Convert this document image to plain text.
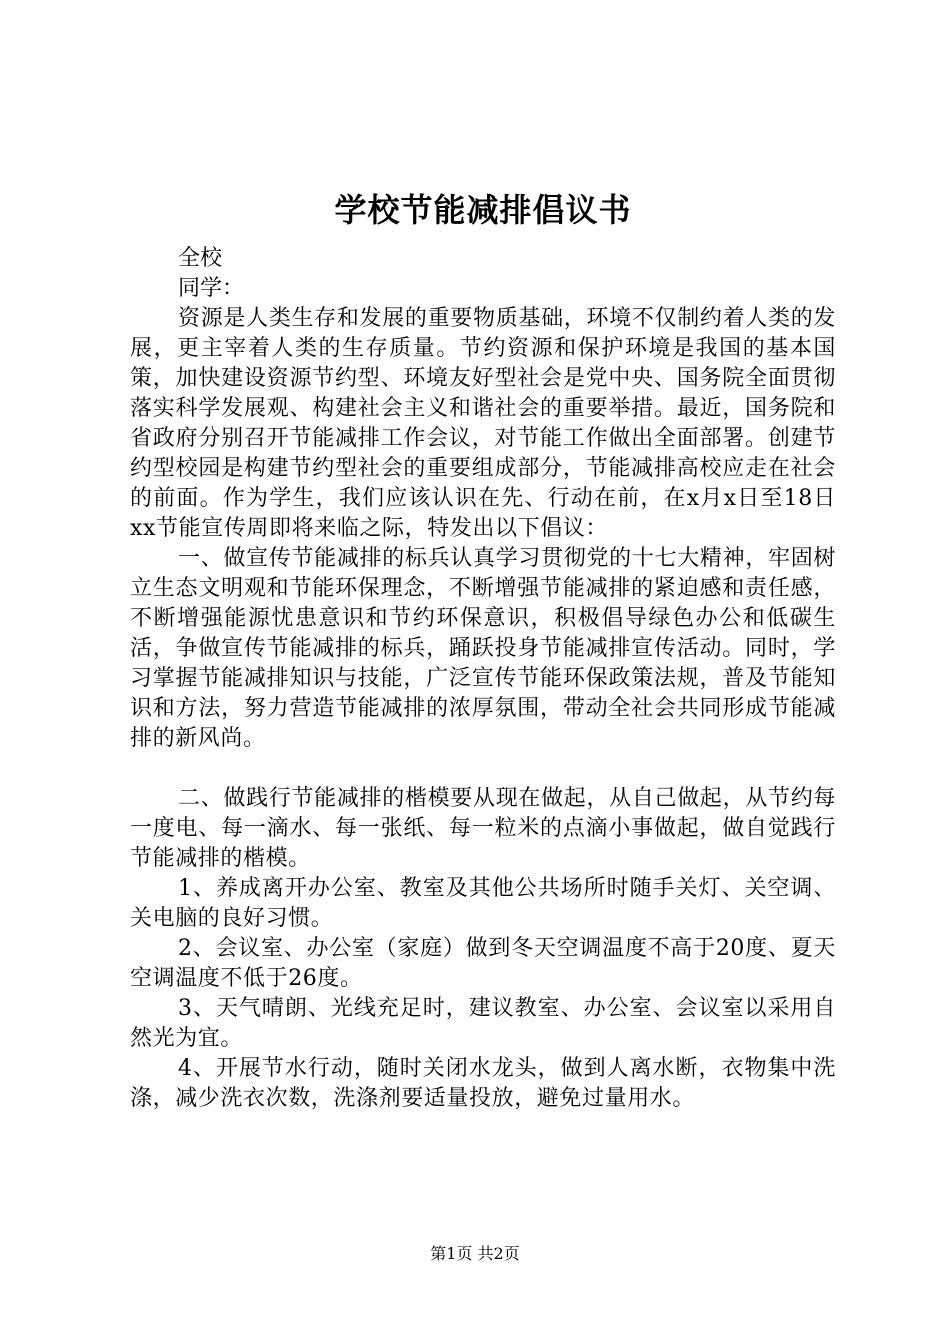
学校节能减排倡议书

全校

同学：

资源是人类生存和发展的重要物质基础，环境不仅制约着人类的发展，更主宰着人类的生存质量。节约资源和保护环境是我国的基本国策，加快建设资源节约型、环境友好型社会是党中央、国务院全面贯彻落实科学发展观、构建社会主义和谐社会的重要举措。最近，国务院和省政府分别召开节能减排工作会议，对节能工作做出全面部署。创建节约型校园是构建节约型社会的重要组成部分，节能减排高校应走在社会的前面。作为学生，我们应该认识在先、行动在前，在x月x日至18日xx节能宣传周即将来临之际，特发出以下倡议：

一、做宣传节能减排的标兵认真学习贯彻党的十七大精神，牢固树立生态文明观和节能环保理念，不断增强节能减排的紧迫感和责任感，不断增强能源忧患意识和节约环保意识，积极倡导绿色办公和低碳生活，争做宣传节能减排的标兵，踊跃投身节能减排宣传活动。同时，学习掌握节能减排知识与技能，广泛宣传节能环保政策法规，普及节能知识和方法，努力营造节能减排的浓厚氛围，带动全社会共同形成节能减排的新风尚。

二、做践行节能减排的楷模要从现在做起，从自己做起，从节约每一度电、每一滴水、每一张纸、每一粒米的点滴小事做起，做自觉践行节能减排的楷模。

1、养成离开办公室、教室及其他公共场所时随手关灯、关空调、关电脑的良好习惯。

2、会议室、办公室（家庭）做到冬天空调温度不高于20度、夏天空调温度不低于26度。

3、天气晴朗、光线充足时，建议教室、办公室、会议室以采用自然光为宜。

4、开展节水行动，随时关闭水龙头，做到人离水断，衣物集中洗涤，减少洗衣次数，洗涤剂要适量投放，避免过量用水。

第1页 共2页
